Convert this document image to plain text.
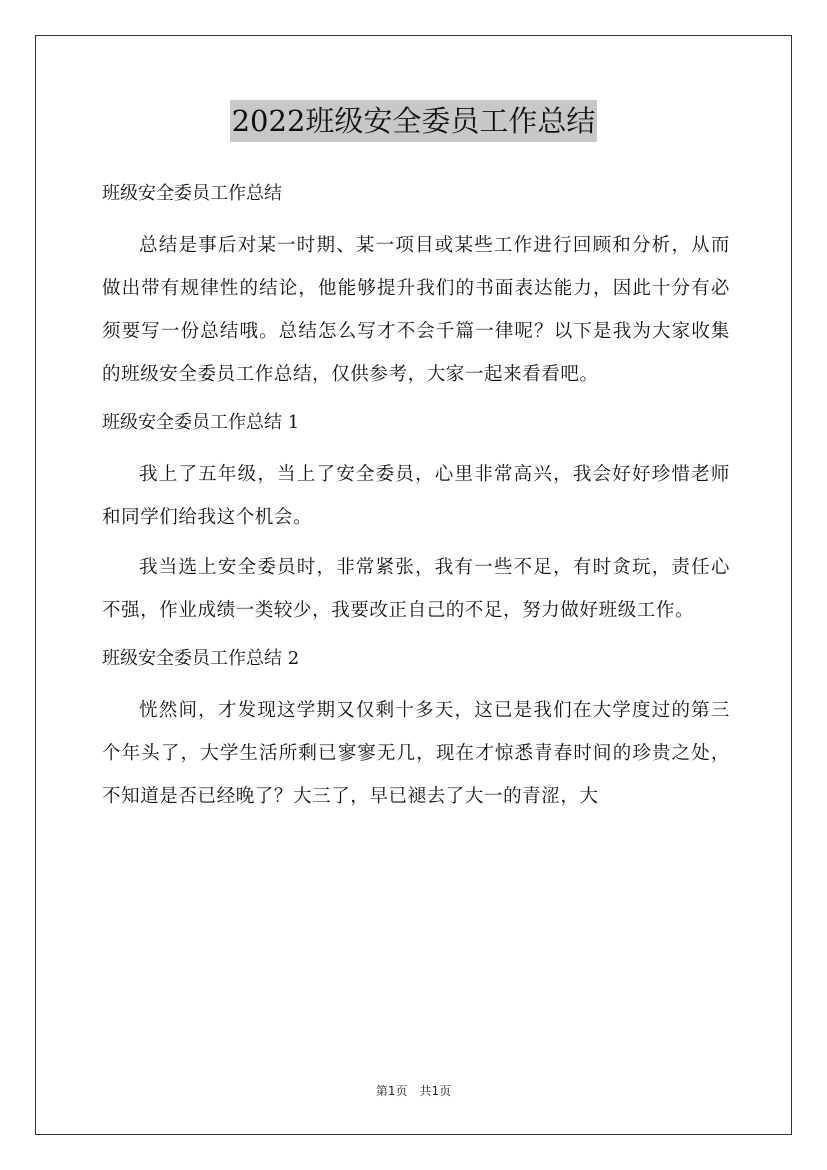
2022班级安全委员工作总结
班级安全委员工作总结

总结是事后对某一时期、某一项目或某些工作进行回顾和分析，从而做出带有规律性的结论，他能够提升我们的书面表达能力，因此十分有必须要写一份总结哦。总结怎么写才不会千篇一律呢？以下是我为大家收集的班级安全委员工作总结，仅供参考，大家一起来看看吧。

班级安全委员工作总结 1

我上了五年级，当上了安全委员，心里非常高兴，我会好好珍惜老师和同学们给我这个机会。

我当选上安全委员时，非常紧张，我有一些不足，有时贪玩，责任心不强，作业成绩一类较少，我要改正自己的不足，努力做好班级工作。

班级安全委员工作总结 2

恍然间，才发现这学期又仅剩十多天，这已是我们在大学度过的第三个年头了，大学生活所剩已寥寥无几，现在才惊悉青春时间的珍贵之处，不知道是否已经晚了？大三了，早已褪去了大一的青涩，大

第1页　共1页
